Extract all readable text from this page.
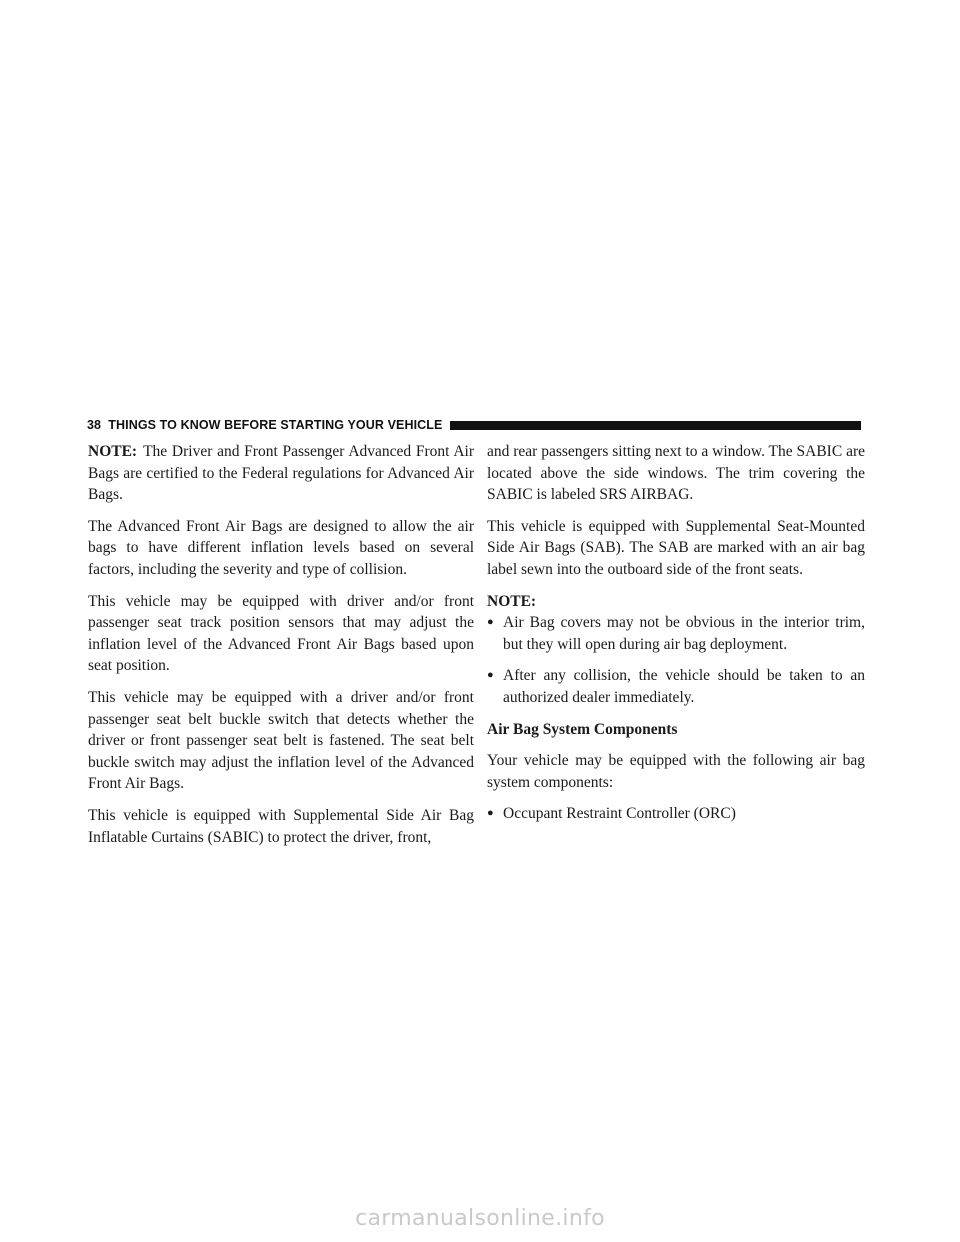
38 THINGS TO KNOW BEFORE STARTING YOUR VEHICLE

NOTE: The Driver and Front Passenger Advanced Front Air Bags are certified to the Federal regulations for Advanced Air Bags.

The Advanced Front Air Bags are designed to allow the air bags to have different inflation levels based on several factors, including the severity and type of collision.

This vehicle may be equipped with driver and/or front passenger seat track position sensors that may adjust the inflation level of the Advanced Front Air Bags based upon seat position.

This vehicle may be equipped with a driver and/or front passenger seat belt buckle switch that detects whether the driver or front passenger seat belt is fastened. The seat belt buckle switch may adjust the inflation level of the Advanced Front Air Bags.

This vehicle is equipped with Supplemental Side Air Bag Inflatable Curtains (SABIC) to protect the driver, front,

and rear passengers sitting next to a window. The SABIC are located above the side windows. The trim covering the SABIC is labeled SRS AIRBAG.

This vehicle is equipped with Supplemental Seat-Mounted Side Air Bags (SAB). The SAB are marked with an air bag label sewn into the outboard side of the front seats.

NOTE:

● Air Bag covers may not be obvious in the interior trim, but they will open during air bag deployment.
● After any collision, the vehicle should be taken to an authorized dealer immediately.

Air Bag System Components

Your vehicle may be equipped with the following air bag system components:

● Occupant Restraint Controller (ORC)
carmanualsonline.info
